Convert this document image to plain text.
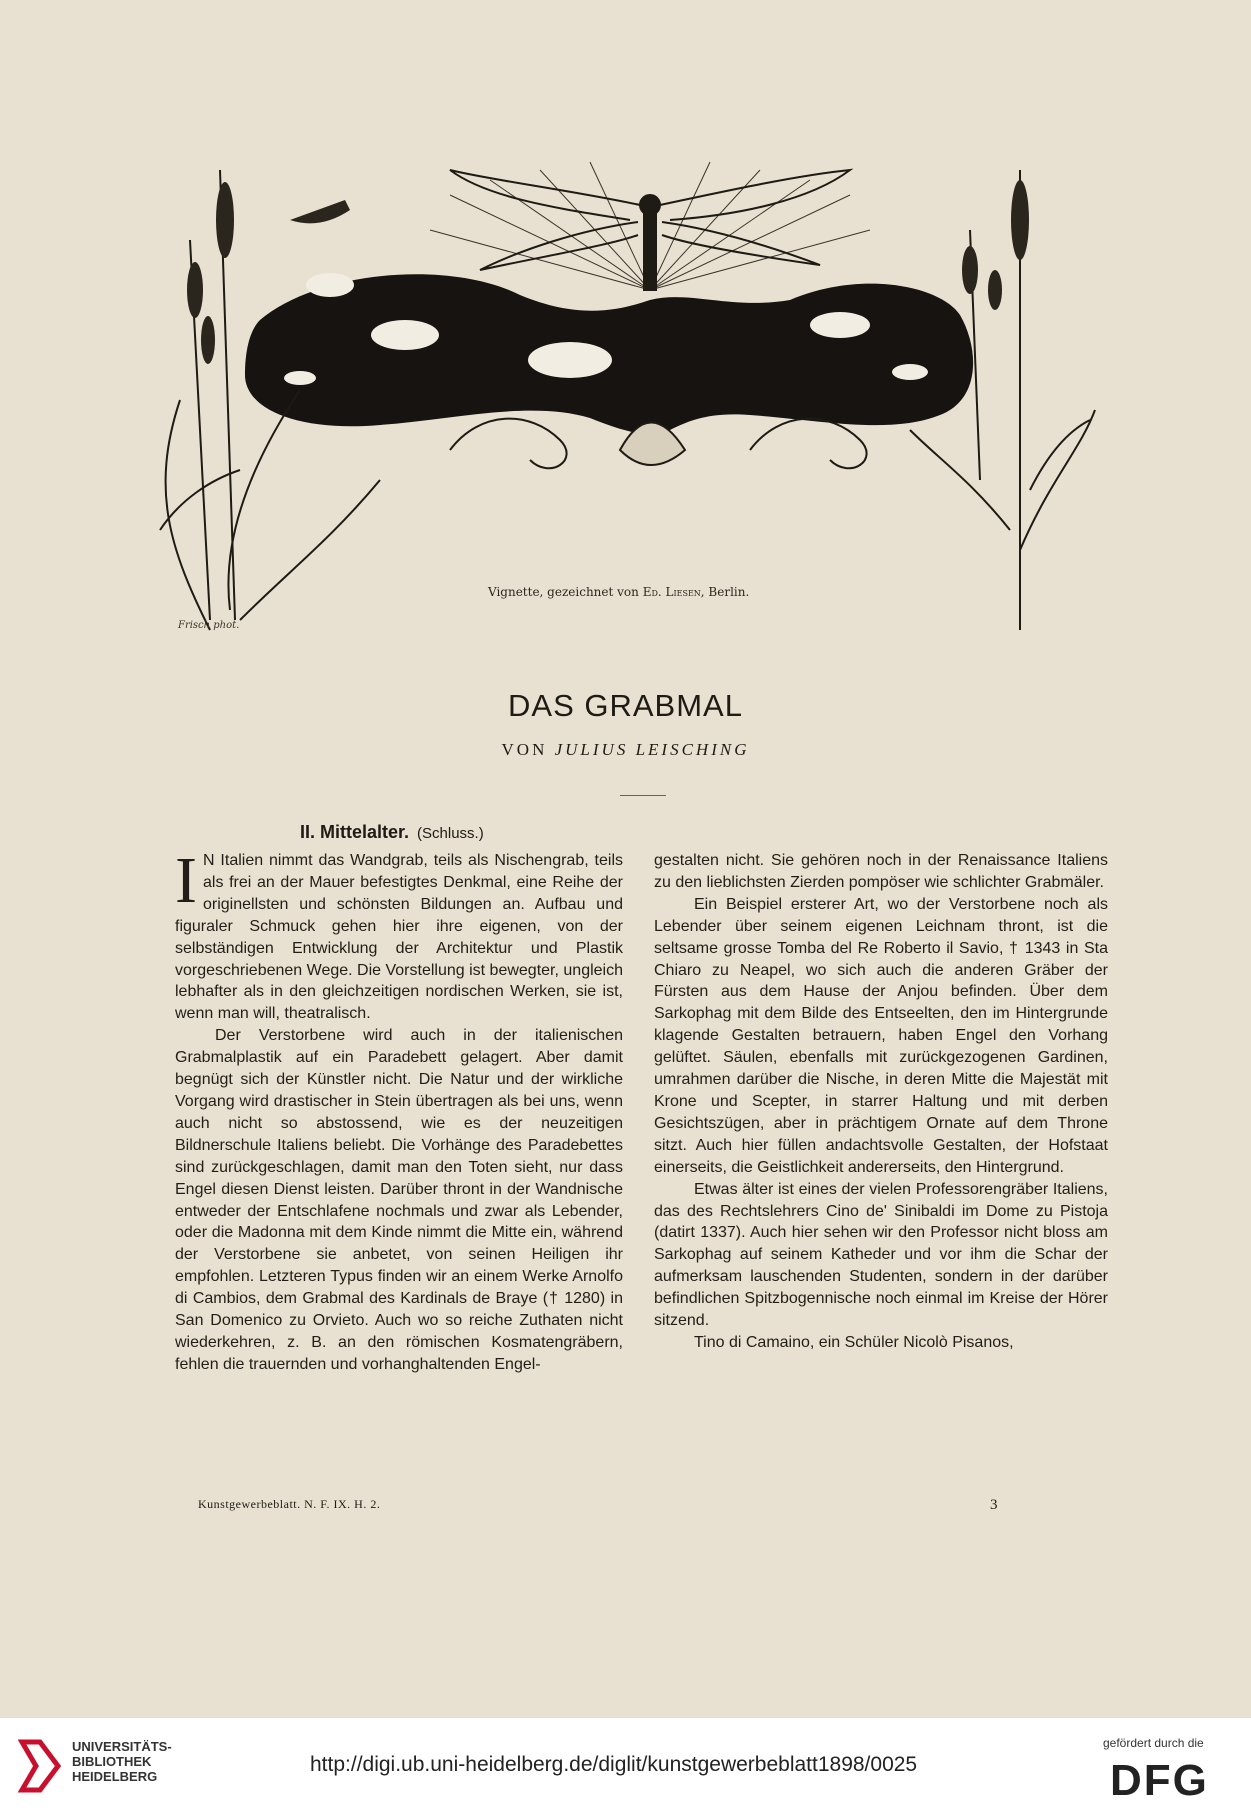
Vignette, gezeichnet von Ed. Liesen, Berlin.
Frisch phot.
DAS GRABMAL
VON JULIUS LEISCHING
II. Mittelalter. (Schluss.)

I N Italien nimmt das Wandgrab, teils als Nischengrab, teils als frei an der Mauer befestigtes Denkmal, eine Reihe der originellsten und schönsten Bildungen an. Aufbau und figuraler Schmuck gehen hier ihre eigenen, von der selbständigen Entwicklung der Architektur und Plastik vorgeschriebenen Wege. Die Vorstellung ist bewegter, ungleich lebhafter als in den gleichzeitigen nordischen Werken, sie ist, wenn man will, theatralisch.

Der Verstorbene wird auch in der italienischen Grabmalplastik auf ein Paradebett gelagert. Aber damit begnügt sich der Künstler nicht. Die Natur und der wirkliche Vorgang wird drastischer in Stein übertragen als bei uns, wenn auch nicht so abstossend, wie es der neuzeitigen Bildnerschule Italiens beliebt. Die Vorhänge des Paradebettes sind zurückgeschlagen, damit man den Toten sieht, nur dass Engel diesen Dienst leisten. Darüber thront in der Wandnische entweder der Entschlafene nochmals und zwar als Lebender, oder die Madonna mit dem Kinde nimmt die Mitte ein, während der Verstorbene sie anbetet, von seinen Heiligen ihr empfohlen. Letzteren Typus finden wir an einem Werke Arnolfo di Cambios, dem Grabmal des Kardinals de Braye († 1280) in San Domenico zu Orvieto. Auch wo so reiche Zuthaten nicht wiederkehren, z. B. an den römischen Kosmatengräbern, fehlen die trauernden und vorhanghaltenden Engel-

gestalten nicht. Sie gehören noch in der Renaissance Italiens zu den lieblichsten Zierden pompöser wie schlichter Grabmäler.

Ein Beispiel ersterer Art, wo der Verstorbene noch als Lebender über seinem eigenen Leichnam thront, ist die seltsame grosse Tomba del Re Roberto il Savio, † 1343 in Sta Chiaro zu Neapel, wo sich auch die anderen Gräber der Fürsten aus dem Hause der Anjou befinden. Über dem Sarkophag mit dem Bilde des Entseelten, den im Hintergrunde klagende Gestalten betrauern, haben Engel den Vorhang gelüftet. Säulen, ebenfalls mit zurückgezogenen Gardinen, umrahmen darüber die Nische, in deren Mitte die Majestät mit Krone und Scepter, in starrer Haltung und mit derben Gesichtszügen, aber in prächtigem Ornate auf dem Throne sitzt. Auch hier füllen andachtsvolle Gestalten, der Hofstaat einerseits, die Geistlichkeit andererseits, den Hintergrund.

Etwas älter ist eines der vielen Professorengräber Italiens, das des Rechtslehrers Cino de' Sinibaldi im Dome zu Pistoja (datirt 1337). Auch hier sehen wir den Professor nicht bloss am Sarkophag auf seinem Katheder und vor ihm die Schar der aufmerksam lauschenden Studenten, sondern in der darüber befindlichen Spitzbogennische noch einmal im Kreise der Hörer sitzend.

Tino di Camaino, ein Schüler Nicolò Pisanos,

Kunstgewerbeblatt. N. F. IX. H. 2.	3
UNIVERSITÄTS-
BIBLIOTHEK
HEIDELBERG
http://digi.ub.uni-heidelberg.de/diglit/kunstgewerbeblatt1898/0025
gefördert durch die
DFG
